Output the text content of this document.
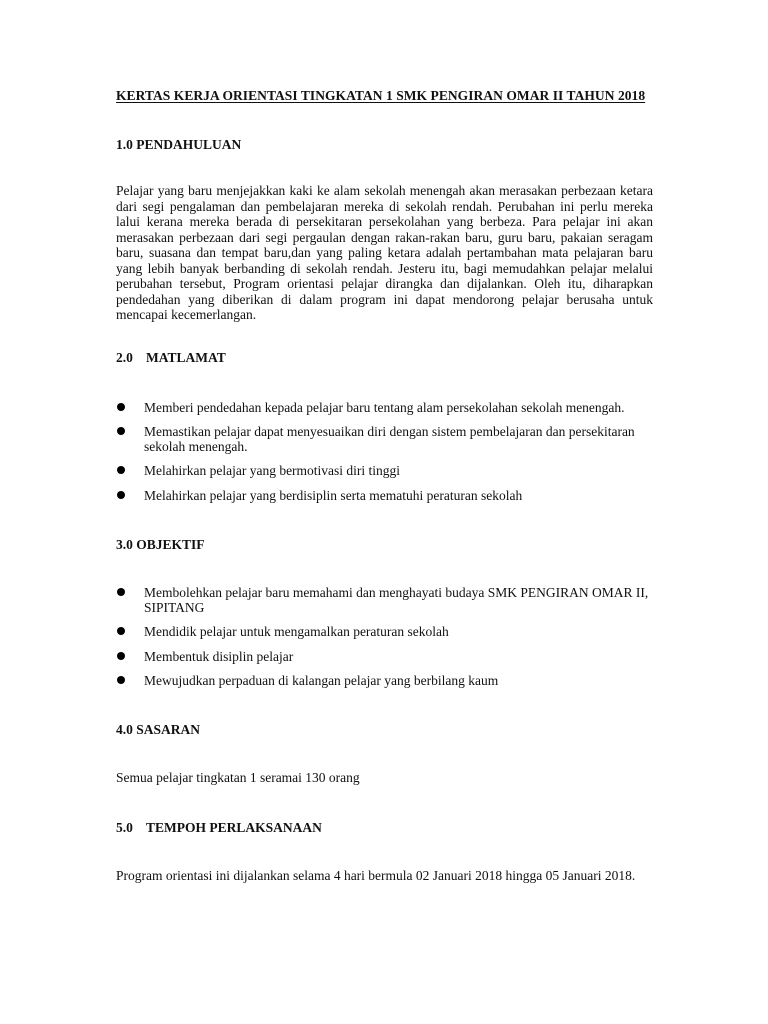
KERTAS KERJA ORIENTASI TINGKATAN 1 SMK PENGIRAN OMAR II TAHUN 2018
1.0 PENDAHULUAN
Pelajar yang baru menjejakkan kaki ke alam sekolah menengah akan merasakan perbezaan ketara dari segi pengalaman dan pembelajaran mereka di sekolah rendah. Perubahan ini perlu mereka lalui kerana mereka berada di persekitaran persekolahan yang berbeza. Para pelajar ini akan merasakan perbezaan dari segi pergaulan dengan rakan-rakan baru, guru baru, pakaian seragam baru, suasana dan tempat baru,dan yang paling ketara adalah pertambahan mata pelajaran baru yang lebih banyak berbanding di sekolah rendah. Jesteru itu, bagi memudahkan pelajar melalui perubahan tersebut, Program orientasi pelajar dirangka dan dijalankan. Oleh itu, diharapkan pendedahan yang diberikan di dalam program ini dapat mendorong pelajar berusaha untuk mencapai kecemerlangan.
2.0 MATLAMAT
Memberi pendedahan kepada pelajar baru tentang alam persekolahan sekolah menengah.
Memastikan pelajar dapat menyesuaikan diri dengan sistem pembelajaran dan persekitaran sekolah menengah.
Melahirkan pelajar yang bermotivasi diri tinggi
Melahirkan pelajar yang berdisiplin serta mematuhi peraturan sekolah
3.0 OBJEKTIF
Membolehkan pelajar baru memahami dan menghayati budaya SMK PENGIRAN OMAR II, SIPITANG
Mendidik pelajar untuk mengamalkan peraturan sekolah
Membentuk disiplin pelajar
Mewujudkan perpaduan di kalangan pelajar yang berbilang kaum
4.0 SASARAN
Semua pelajar tingkatan 1 seramai 130 orang
5.0 TEMPOH PERLAKSANAAN
Program orientasi ini dijalankan selama 4 hari bermula 02 Januari 2018 hingga 05 Januari 2018.
